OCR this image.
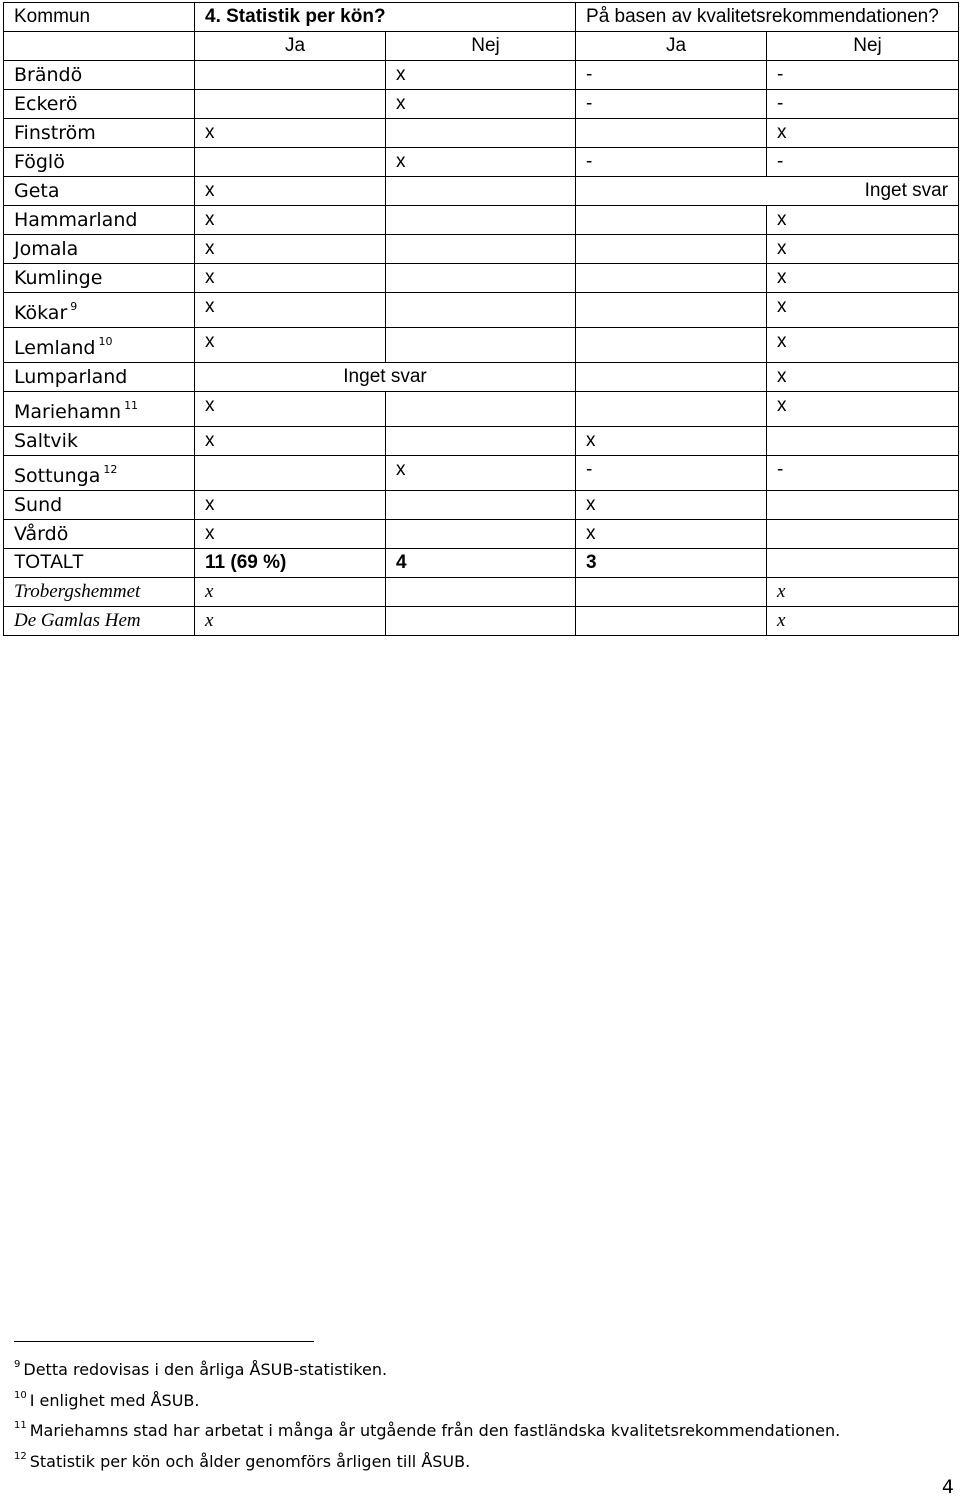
Kommun	4. Statistik per kön?		På basen av kvalitetsrekommendationen?	
	Ja	Nej	Ja	Nej
Brändö		x	-	-
Eckerö		x	-	-
Finström	x			x
Föglö		x	-	-
Geta	x		Inget svar	
Hammarland	x			x
Jomala	x			x
Kumlinge	x			x
Kökar $^9$	x			x
Lemland $^{10}$	x			x
Lumparland	Inget svar			x
Mariehamn $^{11}$	x			x
Saltvik	x		x	
Sottunga $^{12}$		x	-	-
Sund	x		x	
Vårdö	x		x	
TOTALT	11 (69 %)	4	3	
Trobergshemmet	x			x
De Gamlas Hem	x			x
$^9$ Detta redovisas i den årliga ÅSUB-statistiken.
$^{10}$ I enlighet med ÅSUB.
$^{11}$ Mariehamns stad har arbetat i många år utgående från den fastländska kvalitetsrekommendationen.
$^{12}$ Statistik per kön och ålder genomförs årligen till ÅSUB.
4
